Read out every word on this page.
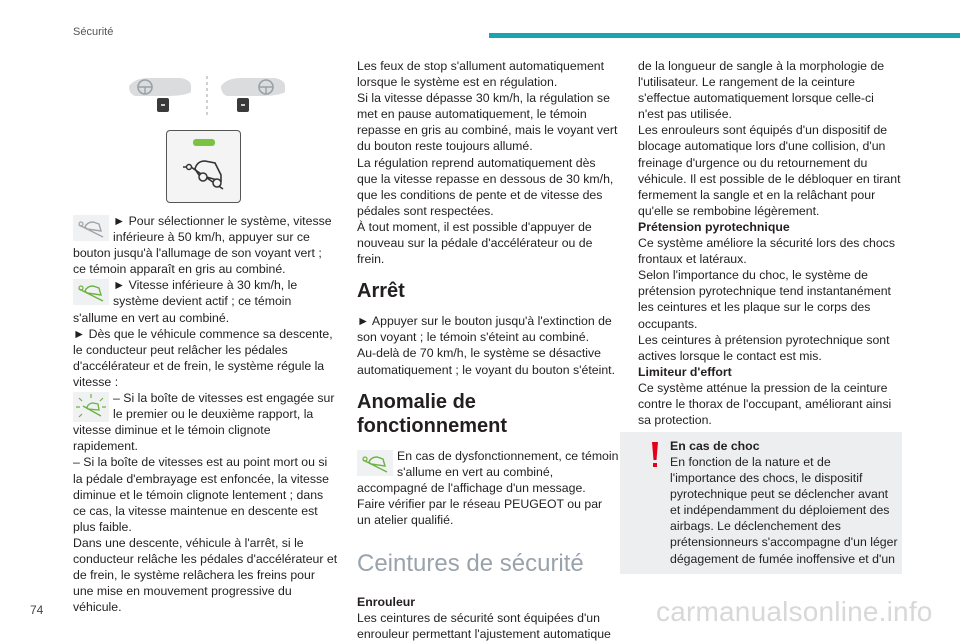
Sécurité

► Pour sélectionner le système, vitesse inférieure à 50 km/h, appuyer sur ce bouton jusqu'à l'allumage de son voyant vert ; ce témoin apparaît en gris au combiné.

► Vitesse inférieure à 30 km/h, le système devient actif ; ce témoin s'allume en vert au combiné.

► Dès que le véhicule commence sa descente, le conducteur peut relâcher les pédales d'accélérateur et de frein, le système régule la vitesse :

– Si la boîte de vitesses est engagée sur le premier ou le deuxième rapport, la vitesse diminue et le témoin clignote rapidement.

– Si la boîte de vitesses est au point mort ou si la pédale d'embrayage est enfoncée, la vitesse diminue et le témoin clignote lentement ; dans ce cas, la vitesse maintenue en descente est plus faible.

Dans une descente, véhicule à l'arrêt, si le conducteur relâche les pédales d'accélérateur et de frein, le système relâchera les freins pour une mise en mouvement progressive du véhicule.

Les feux de stop s'allument automatiquement lorsque le système est en régulation.

Si la vitesse dépasse 30 km/h, la régulation se met en pause automatiquement, le témoin repasse en gris au combiné, mais le voyant vert du bouton reste toujours allumé.

La régulation reprend automatiquement dès que la vitesse repasse en dessous de 30 km/h, que les conditions de pente et de vitesse des pédales sont respectées.

À tout moment, il est possible d'appuyer de nouveau sur la pédale d'accélérateur ou de frein.

Arrêt

► Appuyer sur le bouton jusqu'à l'extinction de son voyant ; le témoin s'éteint au combiné.

Au-delà de 70 km/h, le système se désactive automatiquement ; le voyant du bouton s'éteint.

Anomalie de fonctionnement

En cas de dysfonctionnement, ce témoin s'allume en vert au combiné, accompagné de l'affichage d'un message.

Faire vérifier par le réseau PEUGEOT ou par un atelier qualifié.

Ceintures de sécurité

Enrouleur

Les ceintures de sécurité sont équipées d'un enrouleur permettant l'ajustement automatique

de la longueur de sangle à la morphologie de l'utilisateur. Le rangement de la ceinture s'effectue automatiquement lorsque celle-ci n'est pas utilisée.

Les enrouleurs sont équipés d'un dispositif de blocage automatique lors d'une collision, d'un freinage d'urgence ou du retournement du véhicule. Il est possible de le débloquer en tirant fermement la sangle et en la relâchant pour qu'elle se rembobine légèrement.

Prétension pyrotechnique

Ce système améliore la sécurité lors des chocs frontaux et latéraux.

Selon l'importance du choc, le système de prétension pyrotechnique tend instantanément les ceintures et les plaque sur le corps des occupants.

Les ceintures à prétension pyrotechnique sont actives lorsque le contact est mis.

Limiteur d'effort

Ce système atténue la pression de la ceinture contre le thorax de l'occupant, améliorant ainsi sa protection.

En cas de choc

En fonction de la nature et de l'importance des chocs, le dispositif pyrotechnique peut se déclencher avant et indépendamment du déploiement des airbags. Le déclenchement des prétensionneurs s'accompagne d'un léger dégagement de fumée inoffensive et d'un

74	carmanualsonline.info
